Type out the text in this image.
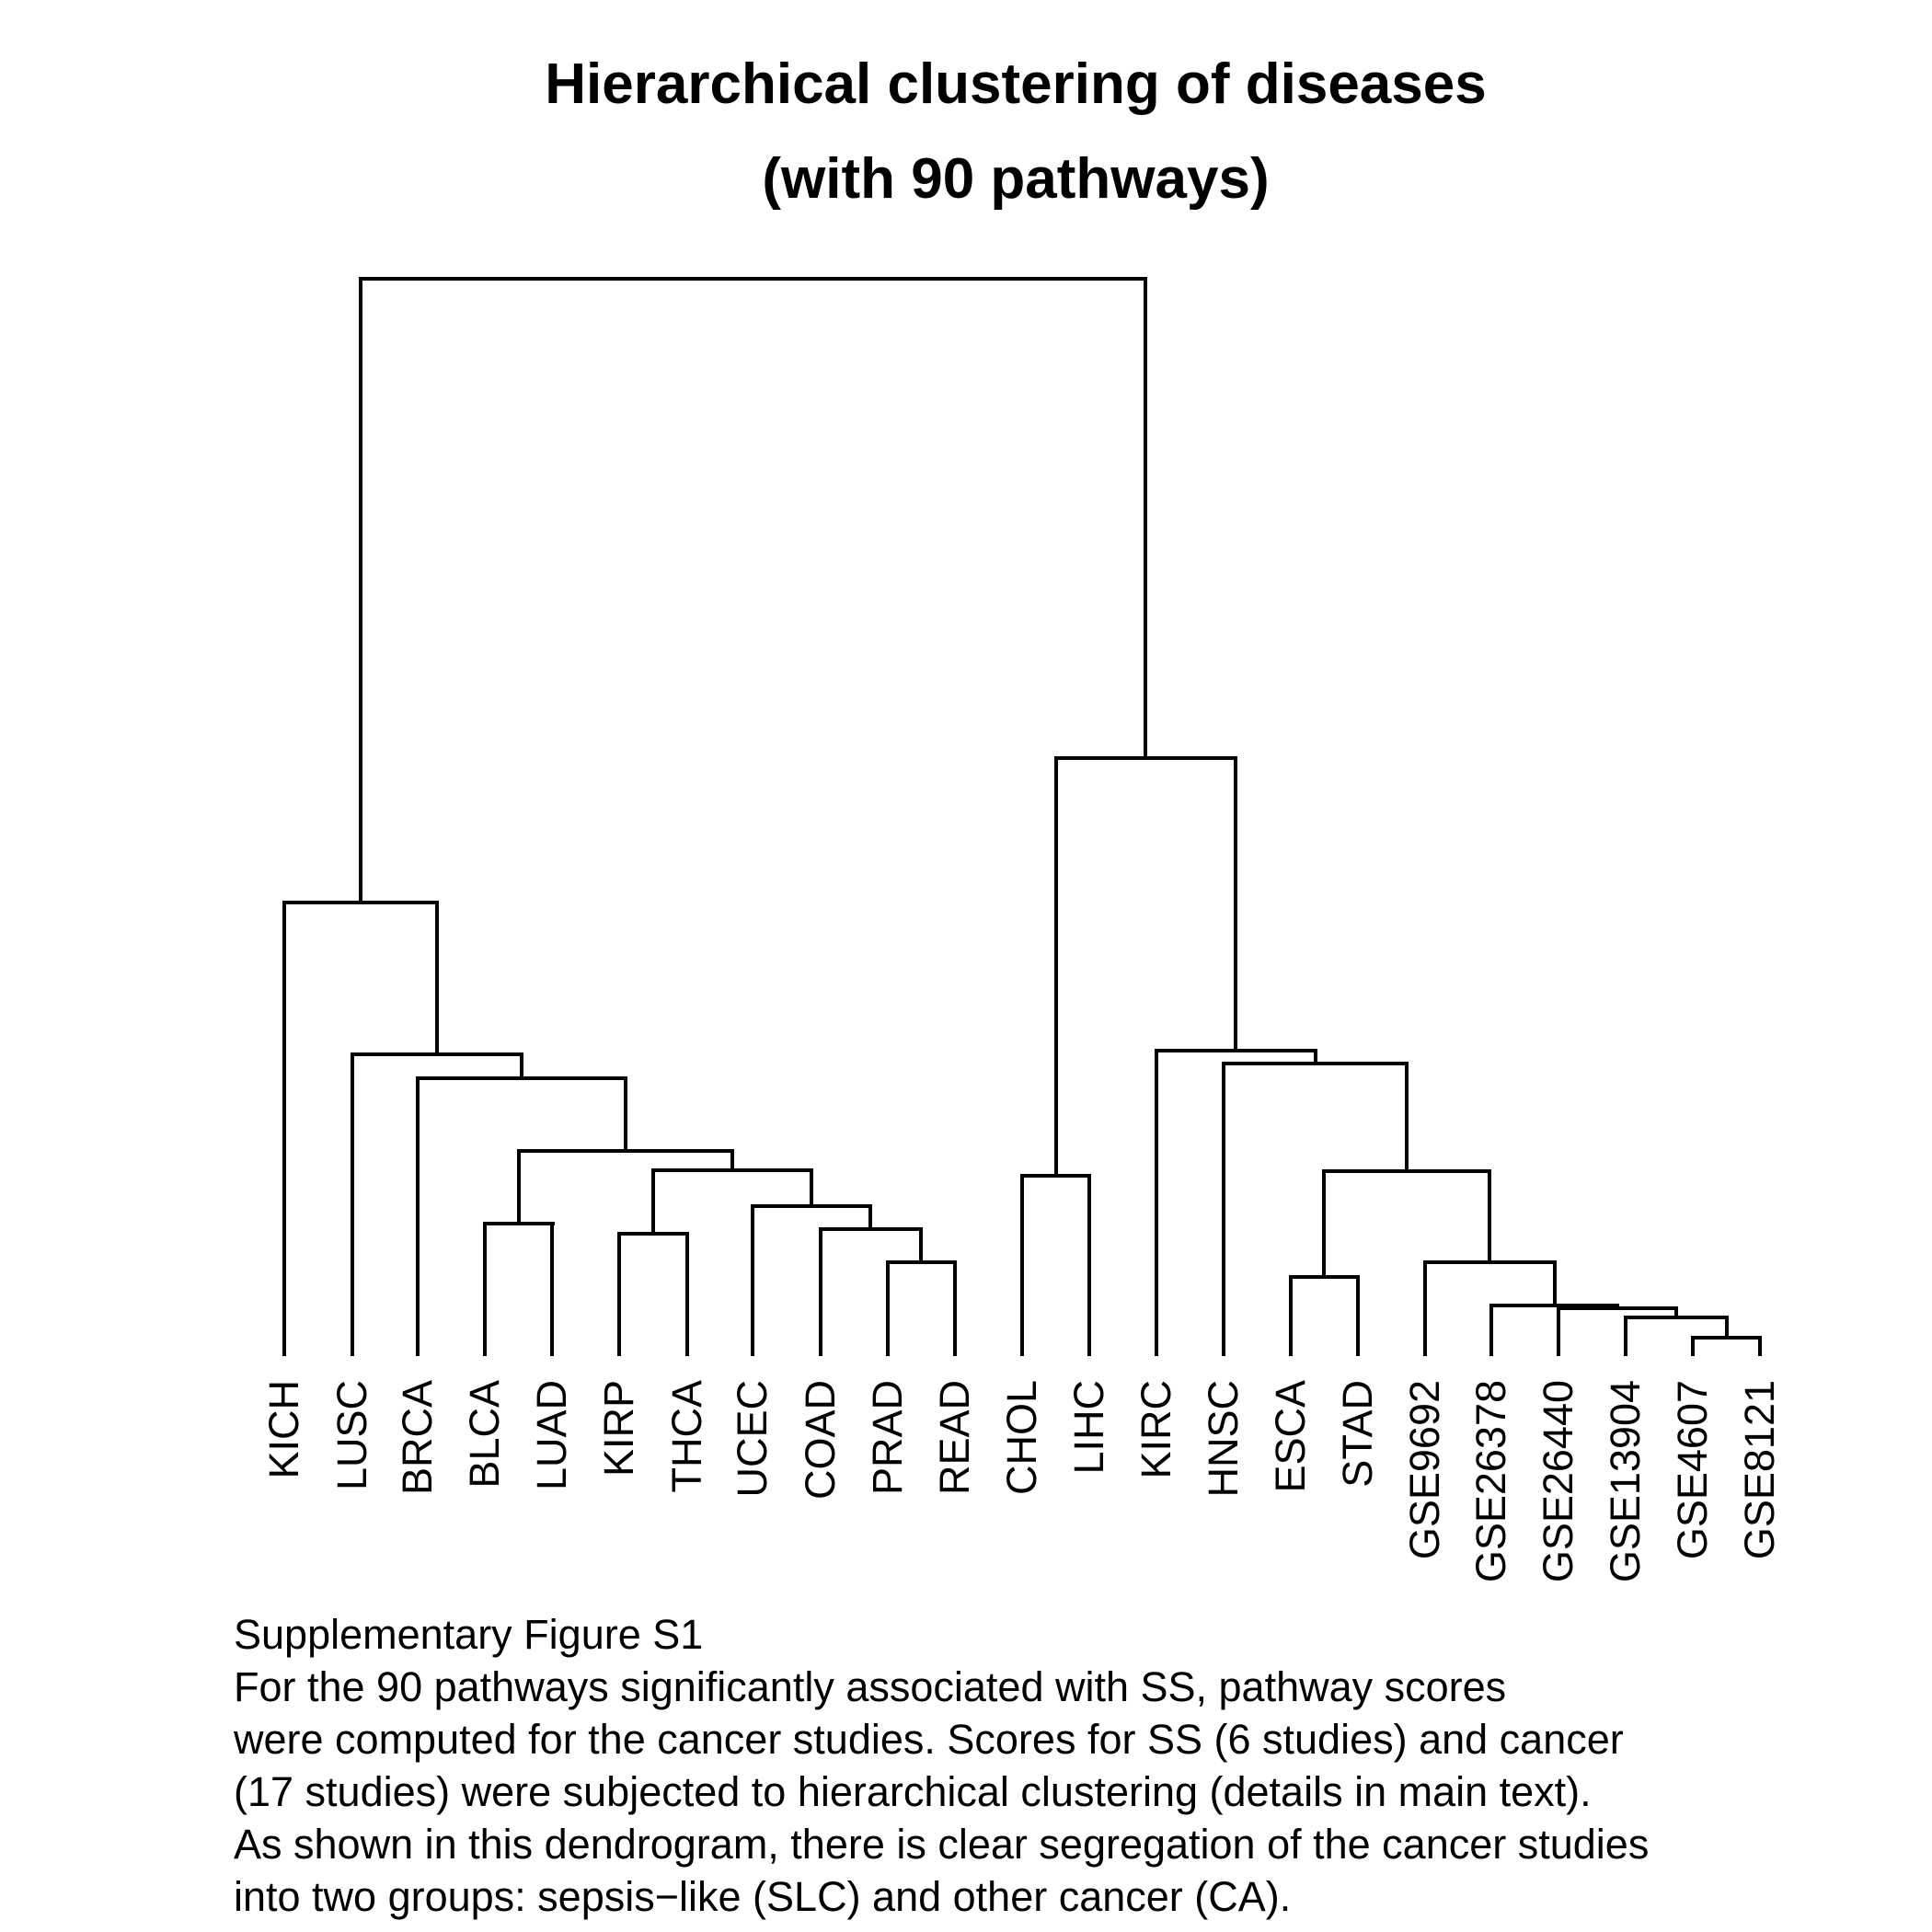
Hierarchical clustering of diseases
(with 90 pathways)
KICH LUSC BRCA BLCA LUAD KIRP THCA UCEC COAD PRAD READ CHOL LIHC KIRC HNSC ESCA STAD GSE9692 GSE26378 GSE26440 GSE13904 GSE4607 GSE8121
Supplementary Figure S1
For the 90 pathways significantly associated with SS, pathway scores
were computed for the cancer studies. Scores for SS (6 studies) and cancer
(17 studies) were subjected to hierarchical clustering (details in main text).
As shown in this dendrogram, there is clear segregation of the cancer studies
into two groups: sepsis−like (SLC) and other cancer (CA).
